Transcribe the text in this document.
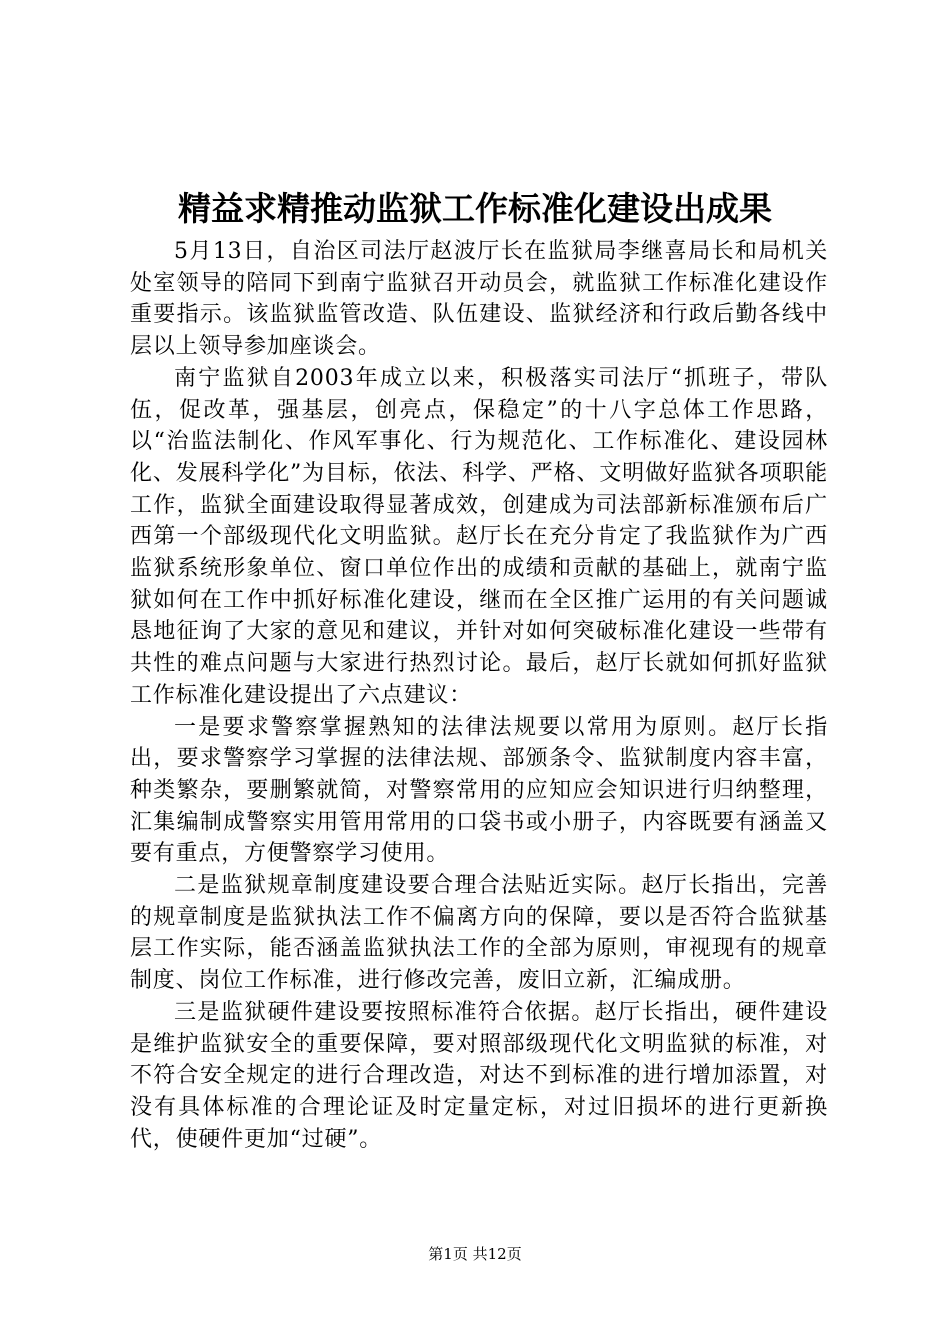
精益求精推动监狱工作标准化建设出成果

5月13日，自治区司法厅赵波厅长在监狱局李继喜局长和局机关处室领导的陪同下到南宁监狱召开动员会，就监狱工作标准化建设作重要指示。该监狱监管改造、队伍建设、监狱经济和行政后勤各线中层以上领导参加座谈会。

南宁监狱自2003年成立以来，积极落实司法厅“抓班子，带队伍，促改革，强基层，创亮点，保稳定”的十八字总体工作思路，以“治监法制化、作风军事化、行为规范化、工作标准化、建设园林化、发展科学化”为目标，依法、科学、严格、文明做好监狱各项职能工作，监狱全面建设取得显著成效，创建成为司法部新标准颁布后广西第一个部级现代化文明监狱。赵厅长在充分肯定了我监狱作为广西监狱系统形象单位、窗口单位作出的成绩和贡献的基础上，就南宁监狱如何在工作中抓好标准化建设，继而在全区推广运用的有关问题诚恳地征询了大家的意见和建议，并针对如何突破标准化建设一些带有共性的难点问题与大家进行热烈讨论。最后，赵厅长就如何抓好监狱工作标准化建设提出了六点建议：

一是要求警察掌握熟知的法律法规要以常用为原则。赵厅长指出，要求警察学习掌握的法律法规、部颁条令、监狱制度内容丰富，种类繁杂，要删繁就简，对警察常用的应知应会知识进行归纳整理，汇集编制成警察实用管用常用的口袋书或小册子，内容既要有涵盖又要有重点，方便警察学习使用。

二是监狱规章制度建设要合理合法贴近实际。赵厅长指出，完善的规章制度是监狱执法工作不偏离方向的保障，要以是否符合监狱基层工作实际，能否涵盖监狱执法工作的全部为原则，审视现有的规章制度、岗位工作标准，进行修改完善，废旧立新，汇编成册。

三是监狱硬件建设要按照标准符合依据。赵厅长指出，硬件建设是维护监狱安全的重要保障，要对照部级现代化文明监狱的标准，对不符合安全规定的进行合理改造，对达不到标准的进行增加添置，对没有具体标准的合理论证及时定量定标，对过旧损坏的进行更新换代，使硬件更加“过硬”。

第1页 共12页
